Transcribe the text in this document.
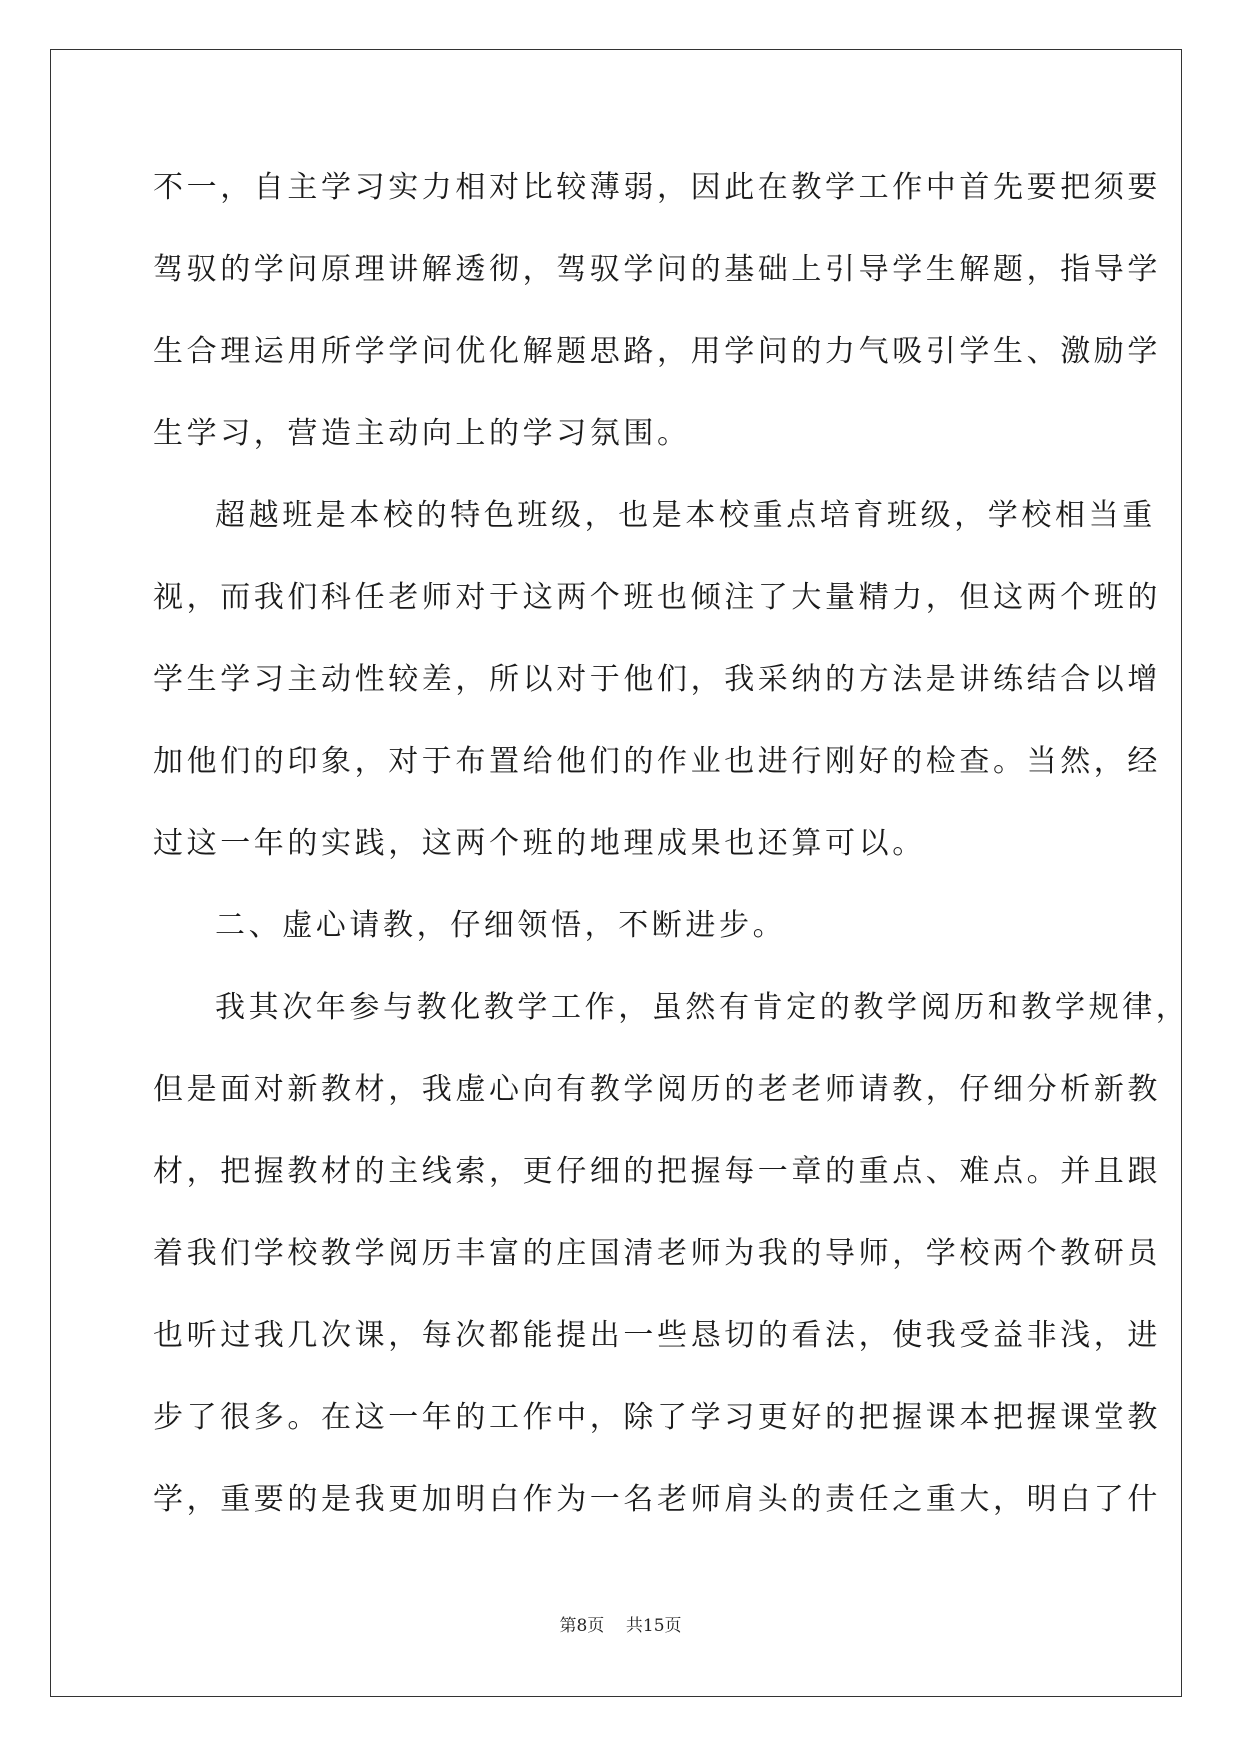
不一，自主学习实力相对比较薄弱，因此在教学工作中首先要把须要
驾驭的学问原理讲解透彻，驾驭学问的基础上引导学生解题，指导学
生合理运用所学学问优化解题思路，用学问的力气吸引学生、激励学
生学习，营造主动向上的学习氛围。
超越班是本校的特色班级，也是本校重点培育班级，学校相当重
视，而我们科任老师对于这两个班也倾注了大量精力，但这两个班的
学生学习主动性较差，所以对于他们，我采纳的方法是讲练结合以增
加他们的印象，对于布置给他们的作业也进行刚好的检查。当然，经
过这一年的实践，这两个班的地理成果也还算可以。
二、虚心请教，仔细领悟，不断进步。
我其次年参与教化教学工作，虽然有肯定的教学阅历和教学规律，
但是面对新教材，我虚心向有教学阅历的老老师请教，仔细分析新教
材，把握教材的主线索，更仔细的把握每一章的重点、难点。并且跟
着我们学校教学阅历丰富的庄国清老师为我的导师，学校两个教研员
也听过我几次课，每次都能提出一些恳切的看法，使我受益非浅，进
步了很多。在这一年的工作中，除了学习更好的把握课本把握课堂教
学，重要的是我更加明白作为一名老师肩头的责任之重大，明白了什
第8页 共15页
